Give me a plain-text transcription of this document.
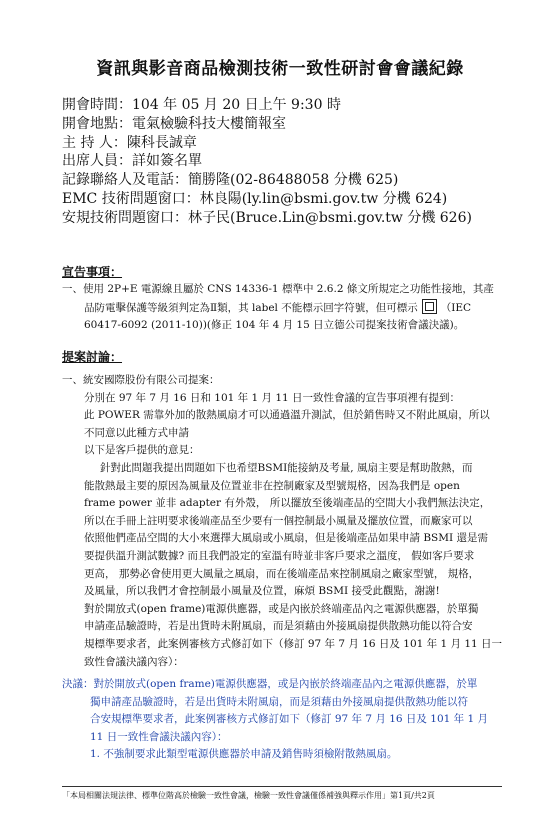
資訊與影音商品檢測技術一致性研討會會議紀錄
開會時間：104 年 05 月 20 日上午 9:30 時
開會地點：電氣檢驗科技大樓簡報室
主 持 人：陳科長誠章
出席人員：詳如簽名單
記錄聯絡人及電話：簡勝隆(02-86488058 分機 625)
EMC 技術問題窗口：林良陽(ly.lin@bsmi.gov.tw 分機 624)
安規技術問題窗口：林子民(Bruce.Lin@bsmi.gov.tw 分機 626)
宣告事項：

一、使用 2P+E 電源線且屬於 CNS 14336-1 標準中 2.6.2 條文所規定之功能性接地，其產

品防電擊保護等級須判定為Ⅱ類，其 label 不能標示回字符號，但可標示 （IEC

60417-6092 (2011-10))(修正 104 年 4 月 15 日立德公司提案技術會議決議)。

提案討論：

一、統安國際股份有限公司提案：

分別在 97 年 7 月 16 日和 101 年 1 月 11 日一致性會議的宣告事項裡有提到：

此 POWER 需靠外加的散熱風扇才可以通過溫升測試，但於銷售時又不附此風扇，所以

不同意以此種方式申請

以下是客戶提供的意見：

針對此問題我提出問題如下也希望BSMI能接納及考量, 風扇主要是幫助散熱，而

能散熱最主要的原因為風量及位置並非在控制廠家及型號規格，因為我們是 open

frame power 並非 adapter 有外殼， 所以擺放至後端產品的空間大小我們無法決定，

所以在手冊上註明要求後端產品至少要有一個控制最小風量及擺放位置，而廠家可以

依照他們產品空間的大小來選擇大風扇或小風扇，但是後端產品如果申請 BSMI 還是需

要提供溫升測試數據? 而且我們設定的室溫有時並非客戶要求之溫度， 假如客戶要求

更高， 那勢必會使用更大風量之風扇，而在後端產品來控制風扇之廠家型號， 規格，

及風量，所以我們才會控制最小風量及位置，麻煩 BSMI 接受此觀點，謝謝!

對於開放式(open frame)電源供應器，或是內嵌於終端產品內之電源供應器，於單獨

申請產品驗證時，若是出貨時未附風扇，而是須藉由外接風扇提供散熱功能以符合安

規標準要求者，此案例審核方式修訂如下（修訂 97 年 7 月 16 日及 101 年 1 月 11 日一

致性會議決議內容）：

決議：對於開放式(open frame)電源供應器，或是內嵌於終端產品內之電源供應器，於單

獨申請產品驗證時，若是出貨時未附風扇，而是須藉由外接風扇提供散熱功能以符

合安規標準要求者，此案例審核方式修訂如下（修訂 97 年 7 月 16 日及 101 年 1 月

11 日一致性會議決議內容）：

1. 不強制要求此類型電源供應器於申請及銷售時須檢附散熱風扇。

「本局相關法規法律、標準位階高於檢驗一致性會議，檢驗一致性會議僅係補強與釋示作用」第1頁/共2頁
